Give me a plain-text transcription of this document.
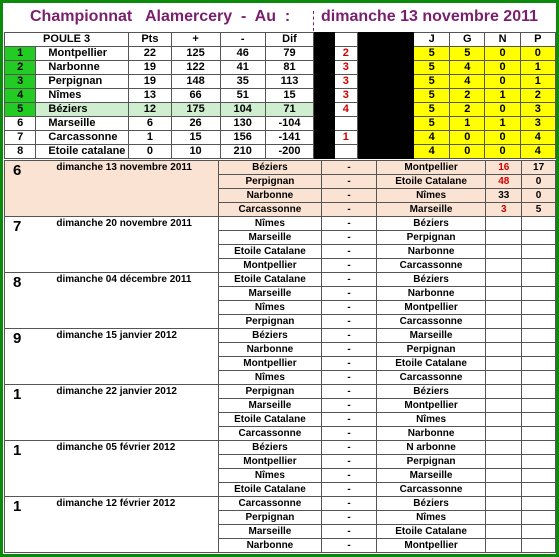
Championnat   Alamercery  -  Au  : dimanche 13 novembre 2011
POULE 3		Pts	+	-	Dif				J	G	N	P
1	Montpellier	22	125	46	79		2		5	5	0	0
2	Narbonne	19	122	41	81		3		5	4	0	1
3	Perpignan	19	148	35	113		3		5	4	0	1
4	Nîmes	13	66	51	15		3		5	2	1	2
5	Béziers	12	175	104	71		4		5	2	0	3
6	Marseille	6	26	130	-104				5	1	1	3
7	Carcassonne	1	15	156	-141		1		4	0	0	4
8	Etoile catalane	0	10	210	-200				4	0	0	4
6	dimanche 13 novembre 2011	Béziers	-	Montpellier	16	17
		Perpignan	-	Etoile Catalane	48	0
		Narbonne	-	Nîmes	33	0
		Carcassonne	-	Marseille	3	5
7	dimanche 20 novembre 2011	Nîmes	-	Béziers		
		Marseille	-	Perpignan		
		Etoile Catalane	-	Narbonne		
		Montpellier	-	Carcassonne		
8	dimanche 04 décembre 2011	Etoile Catalane	-	Béziers		
		Marseille	-	Narbonne		
		Nîmes	-	Montpellier		
		Perpignan	-	Carcassonne		
9	dimanche 15 janvier 2012	Béziers	-	Marseille		
		Narbonne	-	Perpignan		
		Montpellier	-	Etoile Catalane		
		Nîmes	-	Carcassonne		
1	dimanche 22 janvier 2012	Perpignan	-	Béziers		
		Marseille	-	Montpellier		
		Etoile Catalane	-	Nîmes		
		Carcassonne	-	Narbonne		
1	dimanche 05 février 2012	Béziers	-	N arbonne		
		Montpellier	-	Perpignan		
		Nîmes	-	Marseille		
		Etoile Catalane	-	Carcassonne		
1	dimanche 12 février 2012	Carcassonne	-	Béziers		
		Perpignan	-	Nîmes		
		Marseille	-	Etoile Catalane		
		Narbonne	-	Montpellier		
